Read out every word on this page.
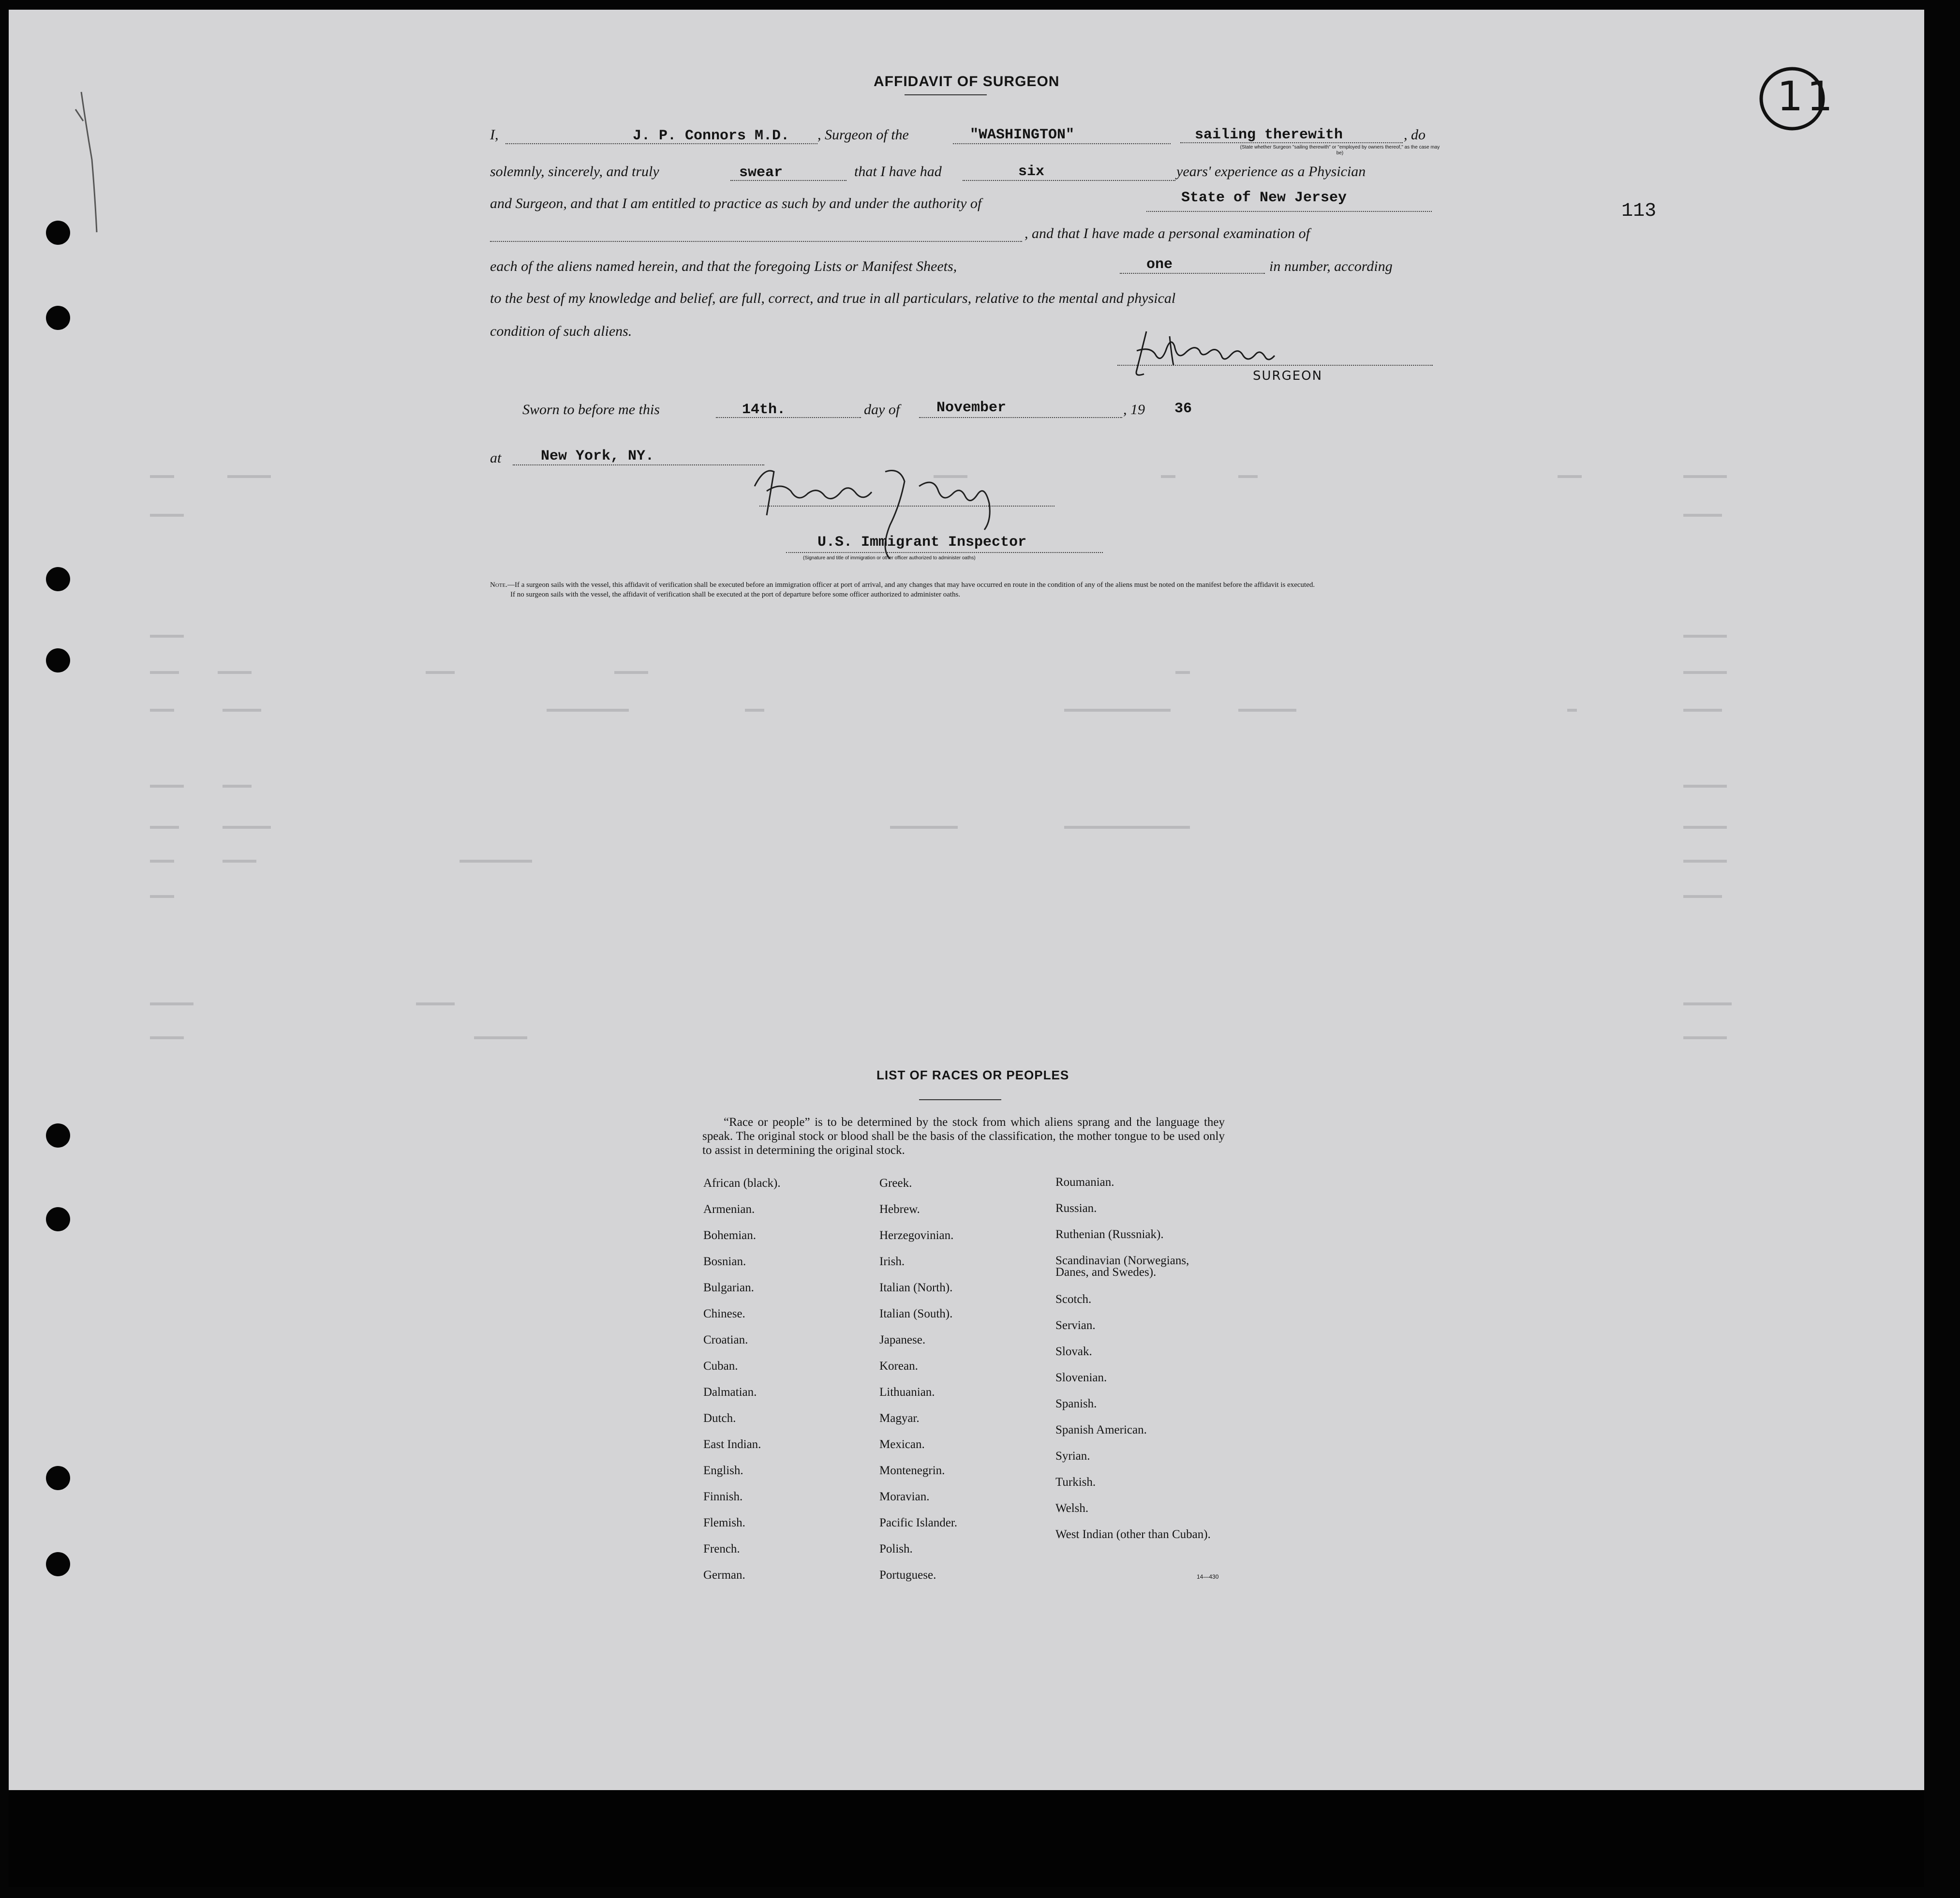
11
113
AFFIDAVIT OF SURGEON
I,	J. P. Connors M.D. , Surgeon of the	"WASHINGTON"	sailing therewith	, do
(State whether Surgeon "sailing therewith" or "employed by owners thereof," as the case may be)
solemnly, sincerely, and truly	swear	that I have had	six	years' experience as a Physician
and Surgeon, and that I am entitled to practice as such by and under the authority of	State of New Jersey
, and that I have made a personal examination of
each of the aliens named herein, and that the foregoing Lists or Manifest Sheets,	one	in number, according
to the best of my knowledge and belief, are full, correct, and true in all particulars, relative to the mental and physical
condition of such aliens.
SURGEON
Sworn to before me this	14th.	day of	November	, 19 36
at	New York, NY.
U.S. Immigrant Inspector
(Signature and title of immigration or other officer authorized to administer oaths)
Note.—If a surgeon sails with the vessel, this affidavit of verification shall be executed before an immigration officer at port of arrival, and any changes that may have occurred en route in the condition of any of the aliens must be noted on the manifest before the affidavit is executed.
If no surgeon sails with the vessel, the affidavit of verification shall be executed at the port of departure before some officer authorized to administer oaths.
LIST OF RACES OR PEOPLES
“Race or people” is to be determined by the stock from which aliens sprang and the language they speak. The original stock or blood shall be the basis of the classification, the mother tongue to be used only to assist in determining the original stock.
African (black).
Armenian.
Bohemian.
Bosnian.
Bulgarian.
Chinese.
Croatian.
Cuban.
Dalmatian.
Dutch.
East Indian.
English.
Finnish.
Flemish.
French.
German.
Greek.
Hebrew.
Herzegovinian.
Irish.
Italian (North).
Italian (South).
Japanese.
Korean.
Lithuanian.
Magyar.
Mexican.
Montenegrin.
Moravian.
Pacific Islander.
Polish.
Portuguese.
Roumanian.
Russian.
Ruthenian (Russniak).
Scandinavian (Norwegians, Danes, and Swedes).
Scotch.
Servian.
Slovak.
Slovenian.
Spanish.
Spanish American.
Syrian.
Turkish.
Welsh.
West Indian (other than Cuban).
14—430
